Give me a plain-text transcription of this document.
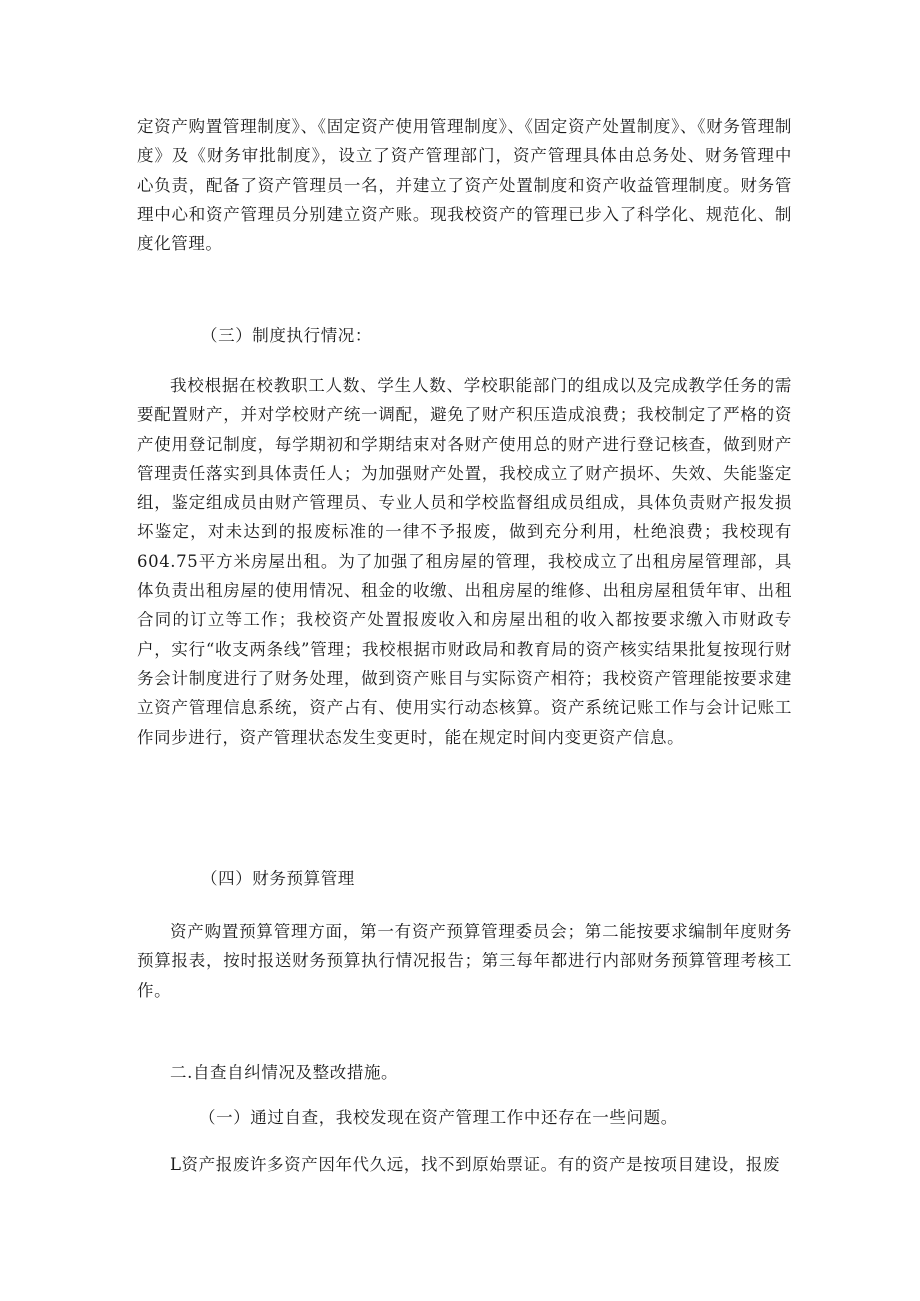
定资产购置管理制度》、《固定资产使用管理制度》、《固定资产处置制度》、《财务管理制度》及《财务审批制度》，设立了资产管理部门，资产管理具体由总务处、财务管理中心负责，配备了资产管理员一名，并建立了资产处置制度和资产收益管理制度。财务管理中心和资产管理员分别建立资产账。现我校资产的管理已步入了科学化、规范化、制度化管理。

（三）制度执行情况：

我校根据在校教职工人数、学生人数、学校职能部门的组成以及完成教学任务的需要配置财产，并对学校财产统一调配，避免了财产积压造成浪费；我校制定了严格的资产使用登记制度，每学期初和学期结束对各财产使用总的财产进行登记核查，做到财产管理责任落实到具体责任人；为加强财产处置，我校成立了财产损坏、失效、失能鉴定组，鉴定组成员由财产管理员、专业人员和学校监督组成员组成，具体负责财产报发损坏鉴定，对未达到的报废标准的一律不予报废，做到充分利用，杜绝浪费；我校现有604.75平方米房屋出租。为了加强了租房屋的管理，我校成立了出租房屋管理部，具体负责出租房屋的使用情况、租金的收缴、出租房屋的维修、出租房屋租赁年审、出租合同的订立等工作；我校资产处置报废收入和房屋出租的收入都按要求缴入市财政专户，实行“收支两条线”管理；我校根据市财政局和教育局的资产核实结果批复按现行财务会计制度进行了财务处理，做到资产账目与实际资产相符；我校资产管理能按要求建立资产管理信息系统，资产占有、使用实行动态核算。资产系统记账工作与会计记账工作同步进行，资产管理状态发生变更时，能在规定时间内变更资产信息。

（四）财务预算管理

资产购置预算管理方面，第一有资产预算管理委员会；第二能按要求编制年度财务预算报表，按时报送财务预算执行情况报告；第三每年都进行内部财务预算管理考核工作。

二.自查自纠情况及整改措施。

（一）通过自查，我校发现在资产管理工作中还存在一些问题。

L资产报废许多资产因年代久远，找不到原始票证。有的资产是按项目建设，报废
